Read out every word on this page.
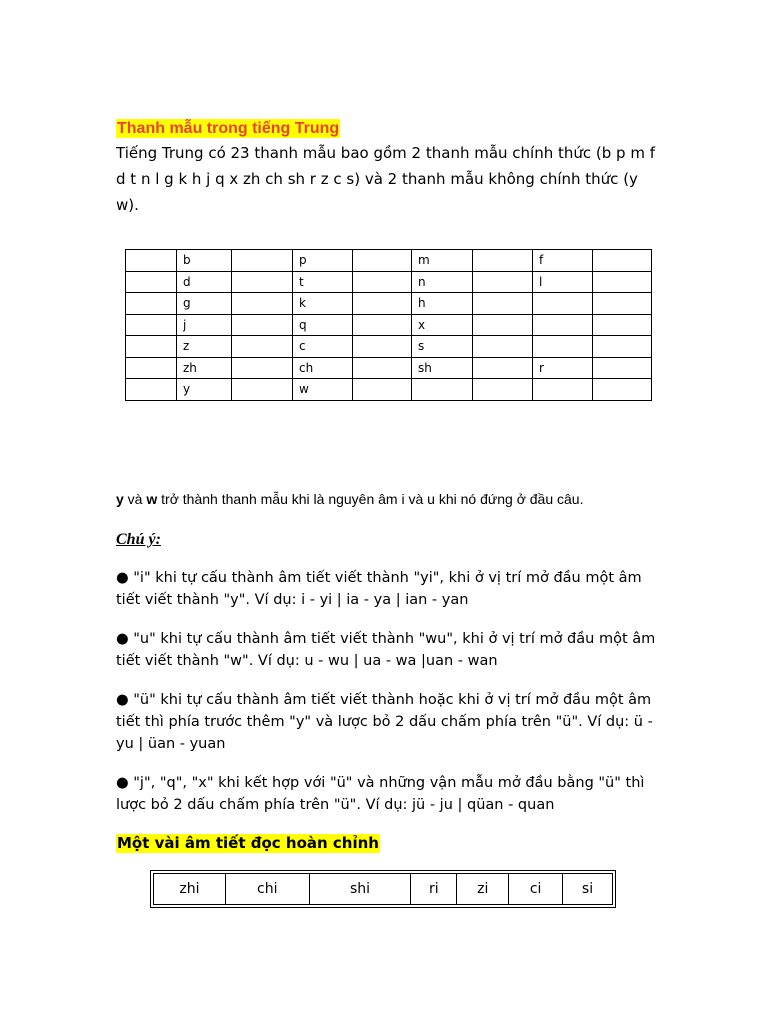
Thanh mẫu trong tiếng Trung
Tiếng Trung có 23 thanh mẫu bao gồm 2 thanh mẫu chính thức (b p m f d t n l g k h j q x zh ch sh r z c s) và 2 thanh mẫu không chính thức (y w).
	b		p		m		f	
	d		t		n		l	
	g		k		h			
	j		q		x			
	z		c		s			
	zh		ch		sh		r	
	y		w					
y và w trở thành thanh mẫu khi là nguyên âm i và u khi nó đứng ở đầu câu.
Chú ý:
● "i" khi tự cấu thành âm tiết viết thành "yi", khi ở vị trí mở đầu một âm tiết viết thành "y". Ví dụ: i - yi | ia - ya | ian - yan
● "u" khi tự cấu thành âm tiết viết thành "wu", khi ở vị trí mở đầu một âm tiết viết thành "w". Ví dụ: u - wu | ua - wa |uan - wan
● "ü" khi tự cấu thành âm tiết viết thành hoặc khi ở vị trí mở đầu một âm tiết thì phía trước thêm "y" và lược bỏ 2 dấu chấm phía trên "ü". Ví dụ: ü - yu | üan - yuan
● "j", "q", "x" khi kết hợp với "ü" và những vận mẫu mở đầu bằng "ü" thì lược bỏ 2 dấu chấm phía trên "ü". Ví dụ: jü - ju | qüan - quan
Một vài âm tiết đọc hoàn chỉnh
zhi	chi	shi	ri	zi	ci	si
